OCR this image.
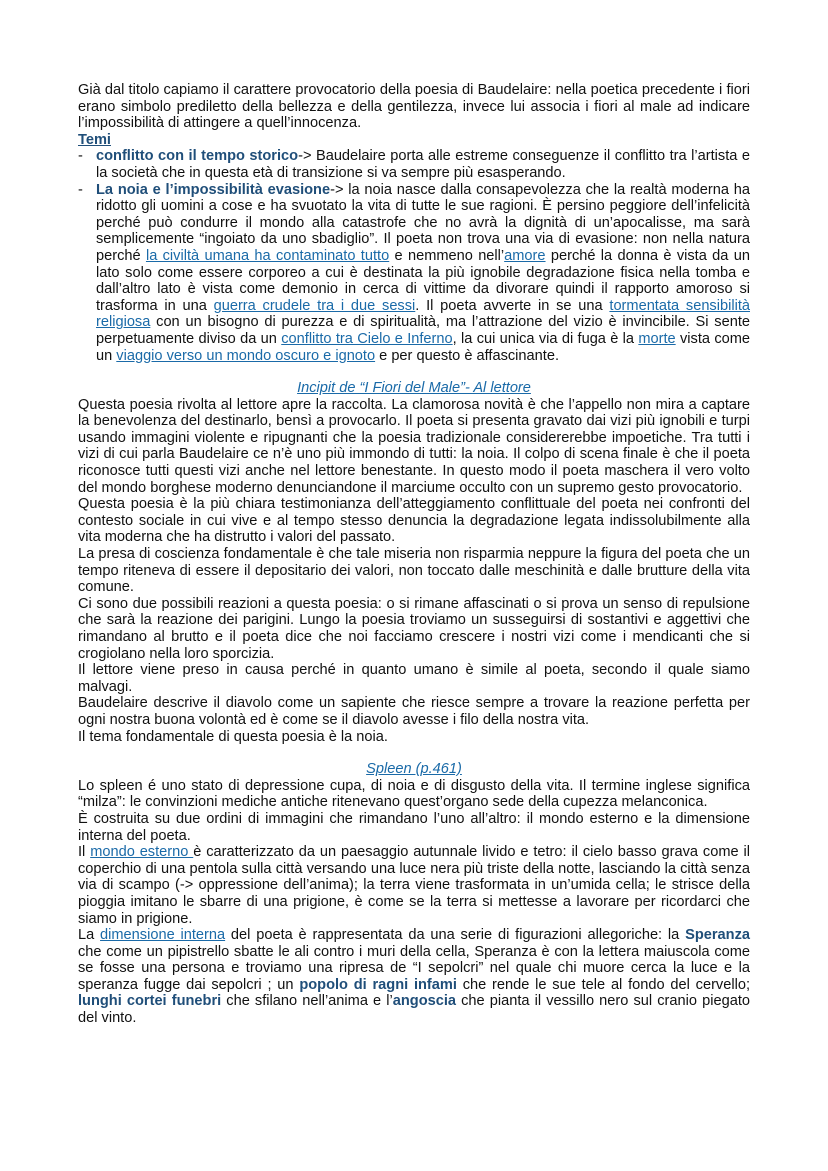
Già dal titolo capiamo il carattere provocatorio della poesia di Baudelaire: nella poetica precedente i fiori erano simbolo prediletto della bellezza e della gentilezza, invece lui associa i fiori al male ad indicare l’impossibilità di attingere a quell’innocenza.

Temi
- conflitto con il tempo storico-> Baudelaire porta alle estreme conseguenze il conflitto tra l’artista e la società che in questa età di transizione si va sempre più esasperando.
- La noia e l’impossibilità evasione-> la noia nasce dalla consapevolezza che la realtà moderna ha ridotto gli uomini a cose e ha svuotato la vita di tutte le sue ragioni. È persino peggiore dell’infelicità perché può condurre il mondo alla catastrofe che no avrà la dignità di un’apocalisse, ma sarà semplicemente “ingoiato da uno sbadiglio”. Il poeta non trova una via di evasione: non nella natura perché la civiltà umana ha contaminato tutto e nemmeno nell’amore perché la donna è vista da un lato solo come essere corporeo a cui è destinata la più ignobile degradazione fisica nella tomba e dall’altro lato è vista come demonio in cerca di vittime da divorare quindi il rapporto amoroso si trasforma in una guerra crudele tra i due sessi. Il poeta avverte in se una tormentata sensibilità religiosa con un bisogno di purezza e di spiritualità, ma l’attrazione del vizio è invincibile. Si sente perpetuamente diviso da un conflitto tra Cielo e Inferno, la cui unica via di fuga è la morte vista come un viaggio verso un mondo oscuro e ignoto e per questo è affascinante.

Incipit de “I Fiori del Male”- Al lettore

Questa poesia rivolta al lettore apre la raccolta. La clamorosa novità è che l’appello non mira a captare la benevolenza del destinarlo, bensì a provocarlo. Il poeta si presenta gravato dai vizi più ignobili e turpi usando immagini violente e ripugnanti che la poesia tradizionale considererebbe impoetiche. Tra tutti i vizi di cui parla Baudelaire ce n’è uno più immondo di tutti: la noia. Il colpo di scena finale è che il poeta riconosce tutti questi vizi anche nel lettore benestante. In questo modo il poeta maschera il vero volto del mondo borghese moderno denunciandone il marciume occulto con un supremo gesto provocatorio.

Questa poesia è la più chiara testimonianza dell’atteggiamento conflittuale del poeta nei confronti del contesto sociale in cui vive e al tempo stesso denuncia la degradazione legata indissolubilmente alla vita moderna che ha distrutto i valori del passato.

La presa di coscienza fondamentale è che tale miseria non risparmia neppure la figura del poeta che un tempo riteneva di essere il depositario dei valori, non toccato dalle meschinità e dalle brutture della vita comune.

Ci sono due possibili reazioni a questa poesia: o si rimane affascinati o si prova un senso di repulsione che sarà la reazione dei parigini. Lungo la poesia troviamo un susseguirsi di sostantivi e aggettivi che rimandano al brutto e il poeta dice che noi facciamo crescere i nostri vizi come i mendicanti che si crogiolano nella loro sporcizia.

Il lettore viene preso in causa perché in quanto umano è simile al poeta, secondo il quale siamo malvagi.

Baudelaire descrive il diavolo come un sapiente che riesce sempre a trovare la reazione perfetta per ogni nostra buona volontà ed è come se il diavolo avesse i filo della nostra vita.

Il tema fondamentale di questa poesia è la noia.

Spleen (p.461)

Lo spleen é uno stato di depressione cupa, di noia e di disgusto della vita. Il termine inglese significa “milza”: le convinzioni mediche antiche ritenevano quest’organo sede della cupezza melanconica.

È costruita su due ordini di immagini che rimandano l’uno all’altro: il mondo esterno e la dimensione interna del poeta.

Il mondo esterno è caratterizzato da un paesaggio autunnale livido e tetro: il cielo basso grava come il coperchio di una pentola sulla città versando una luce nera più triste della notte, lasciando la città senza via di scampo (-> oppressione dell’anima); la terra viene trasformata in un’umida cella; le strisce della pioggia imitano le sbarre di una prigione, è come se la terra si mettesse a lavorare per ricordarci che siamo in prigione.

La dimensione interna del poeta è rappresentata da una serie di figurazioni allegoriche: la Speranza che come un pipistrello sbatte le ali contro i muri della cella, Speranza è con la lettera maiuscola come se fosse una persona e troviamo una ripresa de “I sepolcri” nel quale chi muore cerca la luce e la speranza fugge dai sepolcri ; un popolo di ragni infami che rende le sue tele al fondo del cervello; lunghi cortei funebri che sfilano nell’anima e l’angoscia che pianta il vessillo nero sul cranio piegato del vinto.
